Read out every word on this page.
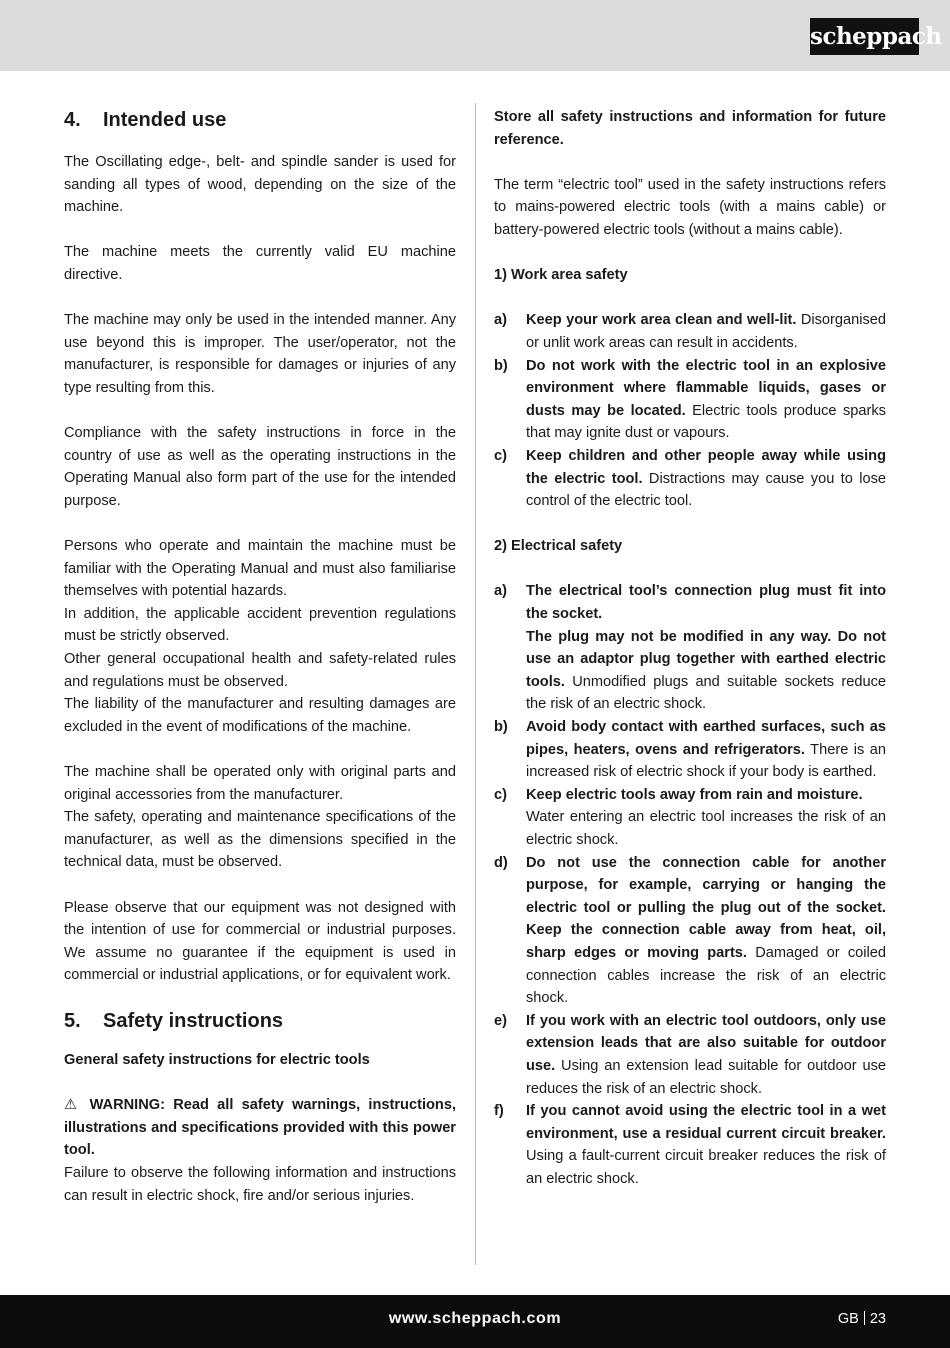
scheppach
4. Intended use

The Oscillating edge-, belt- and spindle sander is used for sanding all types of wood, depending on the size of the machine.

The machine meets the currently valid EU machine directive.

The machine may only be used in the intended manner. Any use beyond this is improper. The user/operator, not the manufacturer, is responsible for damages or injuries of any type resulting from this.

Compliance with the safety instructions in force in the country of use as well as the operating instructions in the Operating Manual also form part of the use for the intended purpose.

Persons who operate and maintain the machine must be familiar with the Operating Manual and must also familiarise themselves with potential hazards.

In addition, the applicable accident prevention regulations must be strictly observed.

Other general occupational health and safety-related rules and regulations must be observed.

The liability of the manufacturer and resulting damages are excluded in the event of modifications of the machine.

The machine shall be operated only with original parts and original accessories from the manufacturer.

The safety, operating and maintenance specifications of the manufacturer, as well as the dimensions specified in the technical data, must be observed.

Please observe that our equipment was not designed with the intention of use for commercial or industrial purposes. We assume no guarantee if the equipment is used in commercial or industrial applications, or for equivalent work.

5. Safety instructions

General safety instructions for electric tools

⚠ WARNING: Read all safety warnings, instructions, illustrations and specifications provided with this power tool.

Failure to observe the following information and instructions can result in electric shock, fire and/or serious injuries.

Store all safety instructions and information for future reference.

The term “electric tool” used in the safety instructions refers to mains-powered electric tools (with a mains cable) or battery-powered electric tools (without a mains cable).

1) Work area safety

a) Keep your work area clean and well-lit. Disorganised or unlit work areas can result in accidents.
b) Do not work with the electric tool in an explosive environment where flammable liquids, gases or dusts may be located. Electric tools produce sparks that may ignite dust or vapours.
c) Keep children and other people away while using the electric tool. Distractions may cause you to lose control of the electric tool.

2) Electrical safety

a) The electrical tool’s connection plug must fit into the socket.
The plug may not be modified in any way. Do not use an adaptor plug together with earthed electric tools. Unmodified plugs and suitable sockets reduce the risk of an electric shock.
b) Avoid body contact with earthed surfaces, such as pipes, heaters, ovens and refrigerators. There is an increased risk of electric shock if your body is earthed.
c) Keep electric tools away from rain and moisture.
Water entering an electric tool increases the risk of an electric shock.
d) Do not use the connection cable for another purpose, for example, carrying or hanging the electric tool or pulling the plug out of the socket. Keep the connection cable away from heat, oil, sharp edges or moving parts. Damaged or coiled connection cables increase the risk of an electric shock.
e) If you work with an electric tool outdoors, only use extension leads that are also suitable for outdoor use. Using an extension lead suitable for outdoor use reduces the risk of an electric shock.
f) If you cannot avoid using the electric tool in a wet environment, use a residual current circuit breaker. Using a fault-current circuit breaker reduces the risk of an electric shock.
www.scheppach.com	GB 23
